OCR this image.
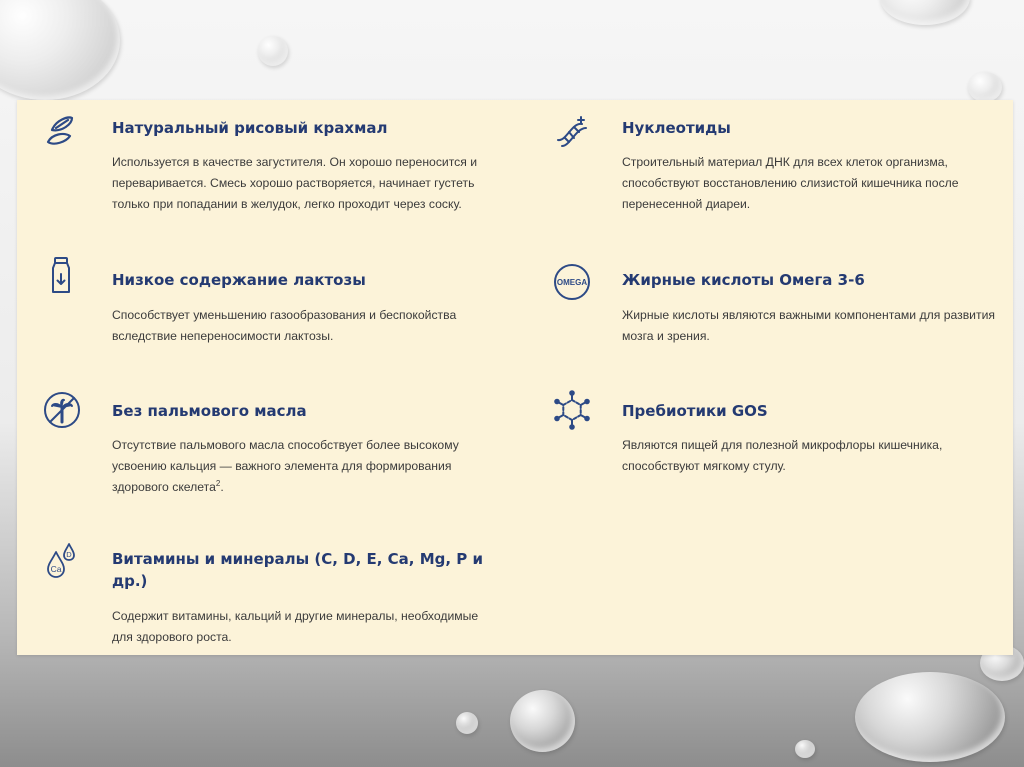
Натуральный рисовый крахмал
Используется в качестве загустителя. Он хорошо переносится и переваривается. Смесь хорошо растворяется, начинает густеть только при попадании в желудок, легко проходит через соску.
Нуклеотиды
Строительный материал ДНК для всех клеток организма, способствуют восстановлению слизистой кишечника после перенесенной диареи.
Низкое содержание лактозы
Способствует уменьшению газообразования и беспокойства вследствие непереносимости лактозы.
OMEGA Жирные кислоты Омега 3-6
Жирные кислоты являются важными компонентами для развития мозга и зрения.
Без пальмового масла
Отсутствие пальмового масла способствует более высокому усвоению кальция — важного элемента для формирования здорового скелета$^2$.
Пребиотики GOS
Являются пищей для полезной микрофлоры кишечника, способствуют мягкому стулу.
Ca
D	Витамины и минералы (C, D, E, Ca, Mg, P и др.)
Содержит витамины, кальций и другие минералы, необходимые для здорового роста.
